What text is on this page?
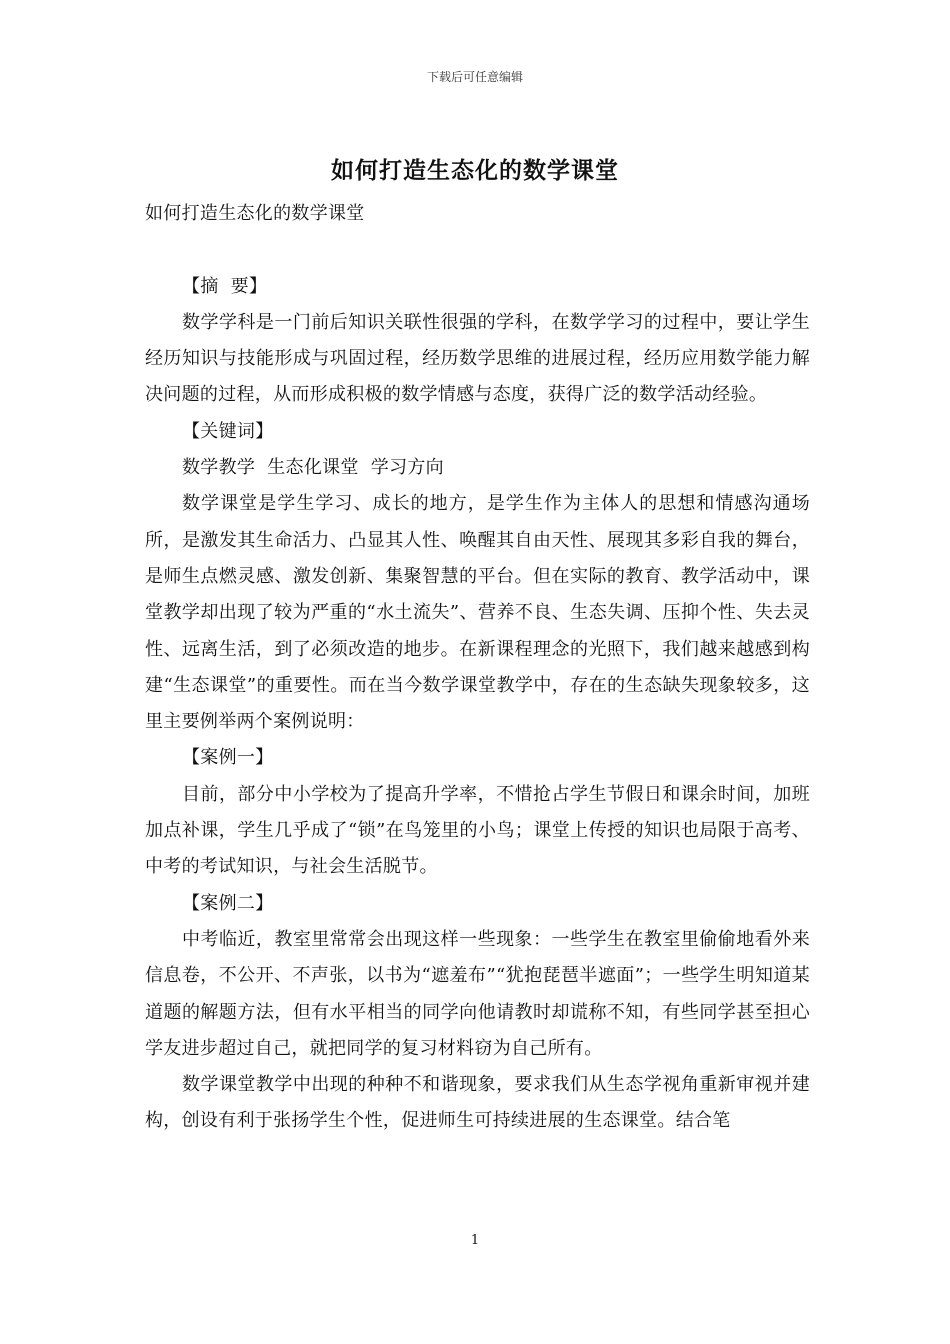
下载后可任意编辑
如何打造生态化的数学课堂

如何打造生态化的数学课堂

【摘  要】

数学学科是一门前后知识关联性很强的学科，在数学学习的过程中，要让学生经历知识与技能形成与巩固过程，经历数学思维的进展过程，经历应用数学能力解决问题的过程，从而形成积极的数学情感与态度，获得广泛的数学活动经验。

【关键词】

数学教学  生态化课堂  学习方向

数学课堂是学生学习、成长的地方，是学生作为主体人的思想和情感沟通场所，是激发其生命活力、凸显其人性、唤醒其自由天性、展现其多彩自我的舞台，是师生点燃灵感、激发创新、集聚智慧的平台。但在实际的教育、教学活动中，课堂教学却出现了较为严重的“水土流失”、营养不良、生态失调、压抑个性、失去灵性、远离生活，到了必须改造的地步。在新课程理念的光照下，我们越来越感到构建“生态课堂”的重要性。而在当今数学课堂教学中，存在的生态缺失现象较多，这里主要例举两个案例说明：

【案例一】

目前，部分中小学校为了提高升学率，不惜抢占学生节假日和课余时间，加班加点补课，学生几乎成了“锁”在鸟笼里的小鸟；课堂上传授的知识也局限于高考、中考的考试知识，与社会生活脱节。

【案例二】

中考临近，教室里常常会出现这样一些现象：一些学生在教室里偷偷地看外来信息卷，不公开、不声张，以书为“遮羞布”“犹抱琵琶半遮面”；一些学生明知道某道题的解题方法，但有水平相当的同学向他请教时却谎称不知，有些同学甚至担心学友进步超过自己，就把同学的复习材料窃为自己所有。

数学课堂教学中出现的种种不和谐现象，要求我们从生态学视角重新审视并建构，创设有利于张扬学生个性，促进师生可持续进展的生态课堂。结合笔

1
